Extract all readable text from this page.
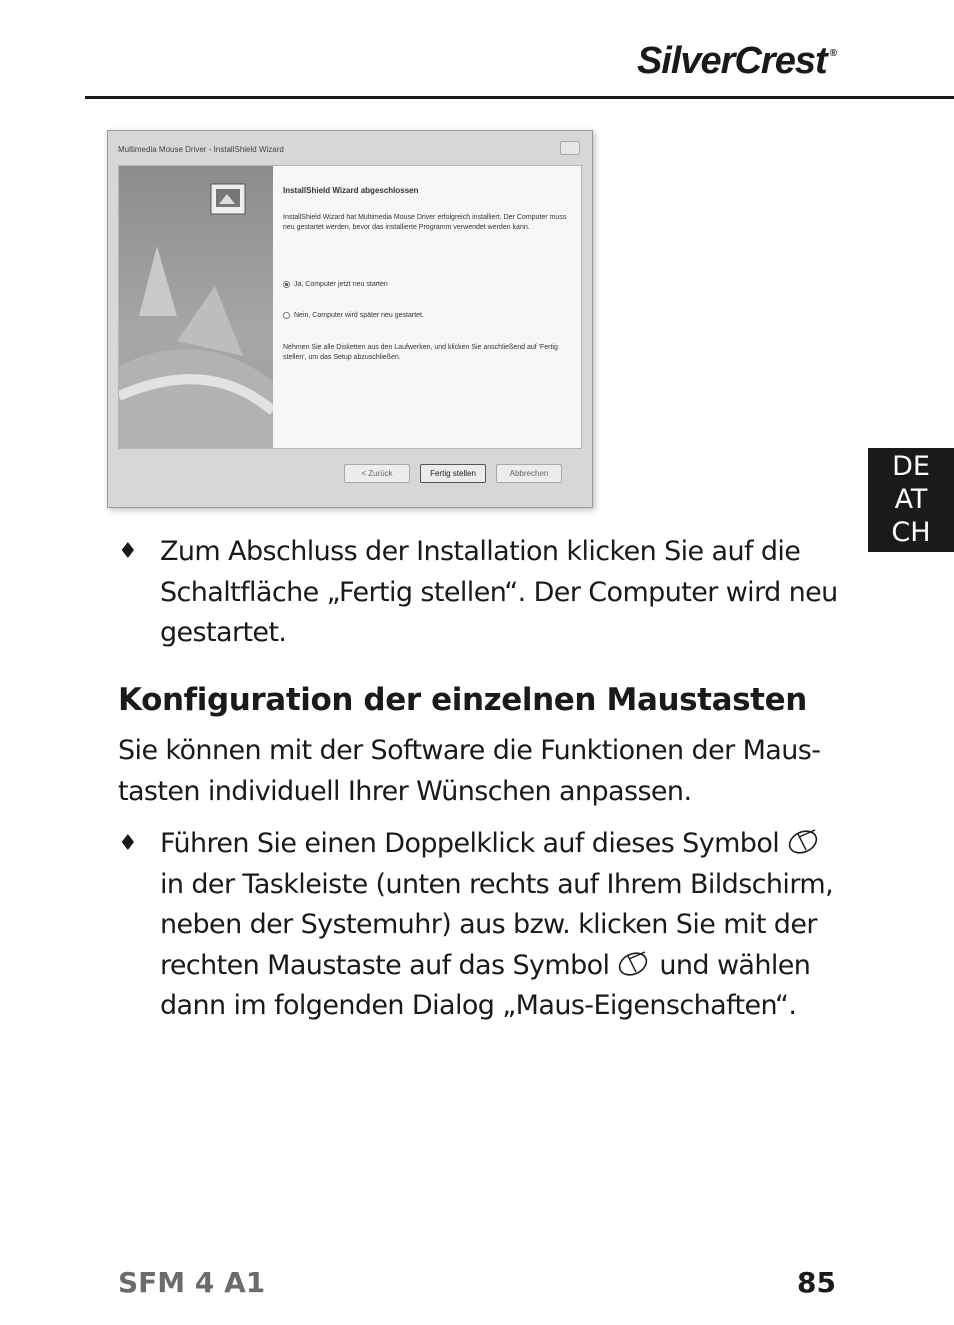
SilverCrest ®
DE
AT
CH
Multimedia Mouse Driver - InstallShield Wizard
InstallShield Wizard abgeschlossen
InstallShield Wizard hat Multimedia Mouse Driver erfolgreich installiert. Der Computer muss neu gestartet werden, bevor das installierte Programm verwendet werden kann.
Ja, Computer jetzt neu starten
Nein, Computer wird später neu gestartet.
Nehmen Sie alle Disketten aus den Laufwerken, und klicken Sie anschließend auf 'Fertig stellen', um das Setup abzuschließen.
< Zurück	Fertig stellen	Abbrechen
♦ Zum Abschluss der Installation klicken Sie auf die Schaltfläche „Fertig stellen“. Der Computer wird neu gestartet.
Konfiguration der einzelnen Maustasten
Sie können mit der Software die Funktionen der Maus-
tasten individuell Ihrer Wünschen anpassen.
♦ Führen Sie einen Doppelklick auf dieses Symbol  in der Taskleiste (unten rechts auf Ihrem Bildschirm, neben der Systemuhr) aus bzw. klicken Sie mit der rechten Maustaste auf das Symbol und wählen dann im folgenden Dialog „Maus-Eigenschaften“.
SFM 4 A1	85
